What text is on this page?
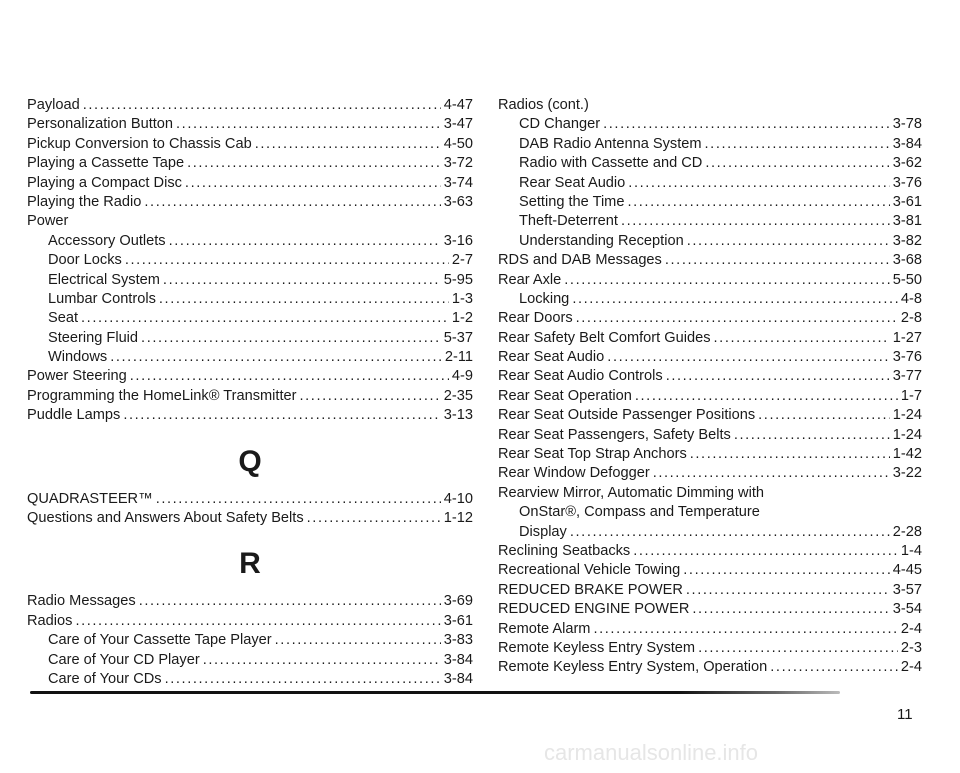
Payload .....	4-47
Personalization Button .....	3-47
Pickup Conversion to Chassis Cab .....	4-50
Playing a Cassette Tape .....	3-72
Playing a Compact Disc .....	3-74
Playing the Radio .....	3-63
Power
Accessory Outlets .....	3-16
Door Locks .....	2-7
Electrical System .....	5-95
Lumbar Controls .....	1-3
Seat .....	1-2
Steering Fluid .....	5-37
Windows .....	2-11
Power Steering .....	4-9
Programming the HomeLink® Transmitter .....	2-35
Puddle Lamps .....	3-13
Q
QUADRASTEER™ .....	4-10
Questions and Answers About Safety Belts .....	1-12
R
Radio Messages .....	3-69
Radios .....	3-61
Care of Your Cassette Tape Player .....	3-83
Care of Your CD Player .....	3-84
Care of Your CDs .....	3-84
Radios (cont.)
CD Changer .....	3-78
DAB Radio Antenna System .....	3-84
Radio with Cassette and CD .....	3-62
Rear Seat Audio .....	3-76
Setting the Time .....	3-61
Theft-Deterrent .....	3-81
Understanding Reception .....	3-82
RDS and DAB Messages .....	3-68
Rear Axle .....	5-50
Locking .....	4-8
Rear Doors .....	2-8
Rear Safety Belt Comfort Guides .....	1-27
Rear Seat Audio .....	3-76
Rear Seat Audio Controls .....	3-77
Rear Seat Operation .....	1-7
Rear Seat Outside Passenger Positions .....	1-24
Rear Seat Passengers, Safety Belts .....	1-24
Rear Seat Top Strap Anchors .....	1-42
Rear Window Defogger .....	3-22
Rearview Mirror, Automatic Dimming with
OnStar®, Compass and Temperature
Display .....	2-28
Reclining Seatbacks .....	1-4
Recreational Vehicle Towing .....	4-45
REDUCED BRAKE POWER .....	3-57
REDUCED ENGINE POWER .....	3-54
Remote Alarm .....	2-4
Remote Keyless Entry System .....	2-3
Remote Keyless Entry System, Operation .....	2-4
11
carmanualsonline.info
